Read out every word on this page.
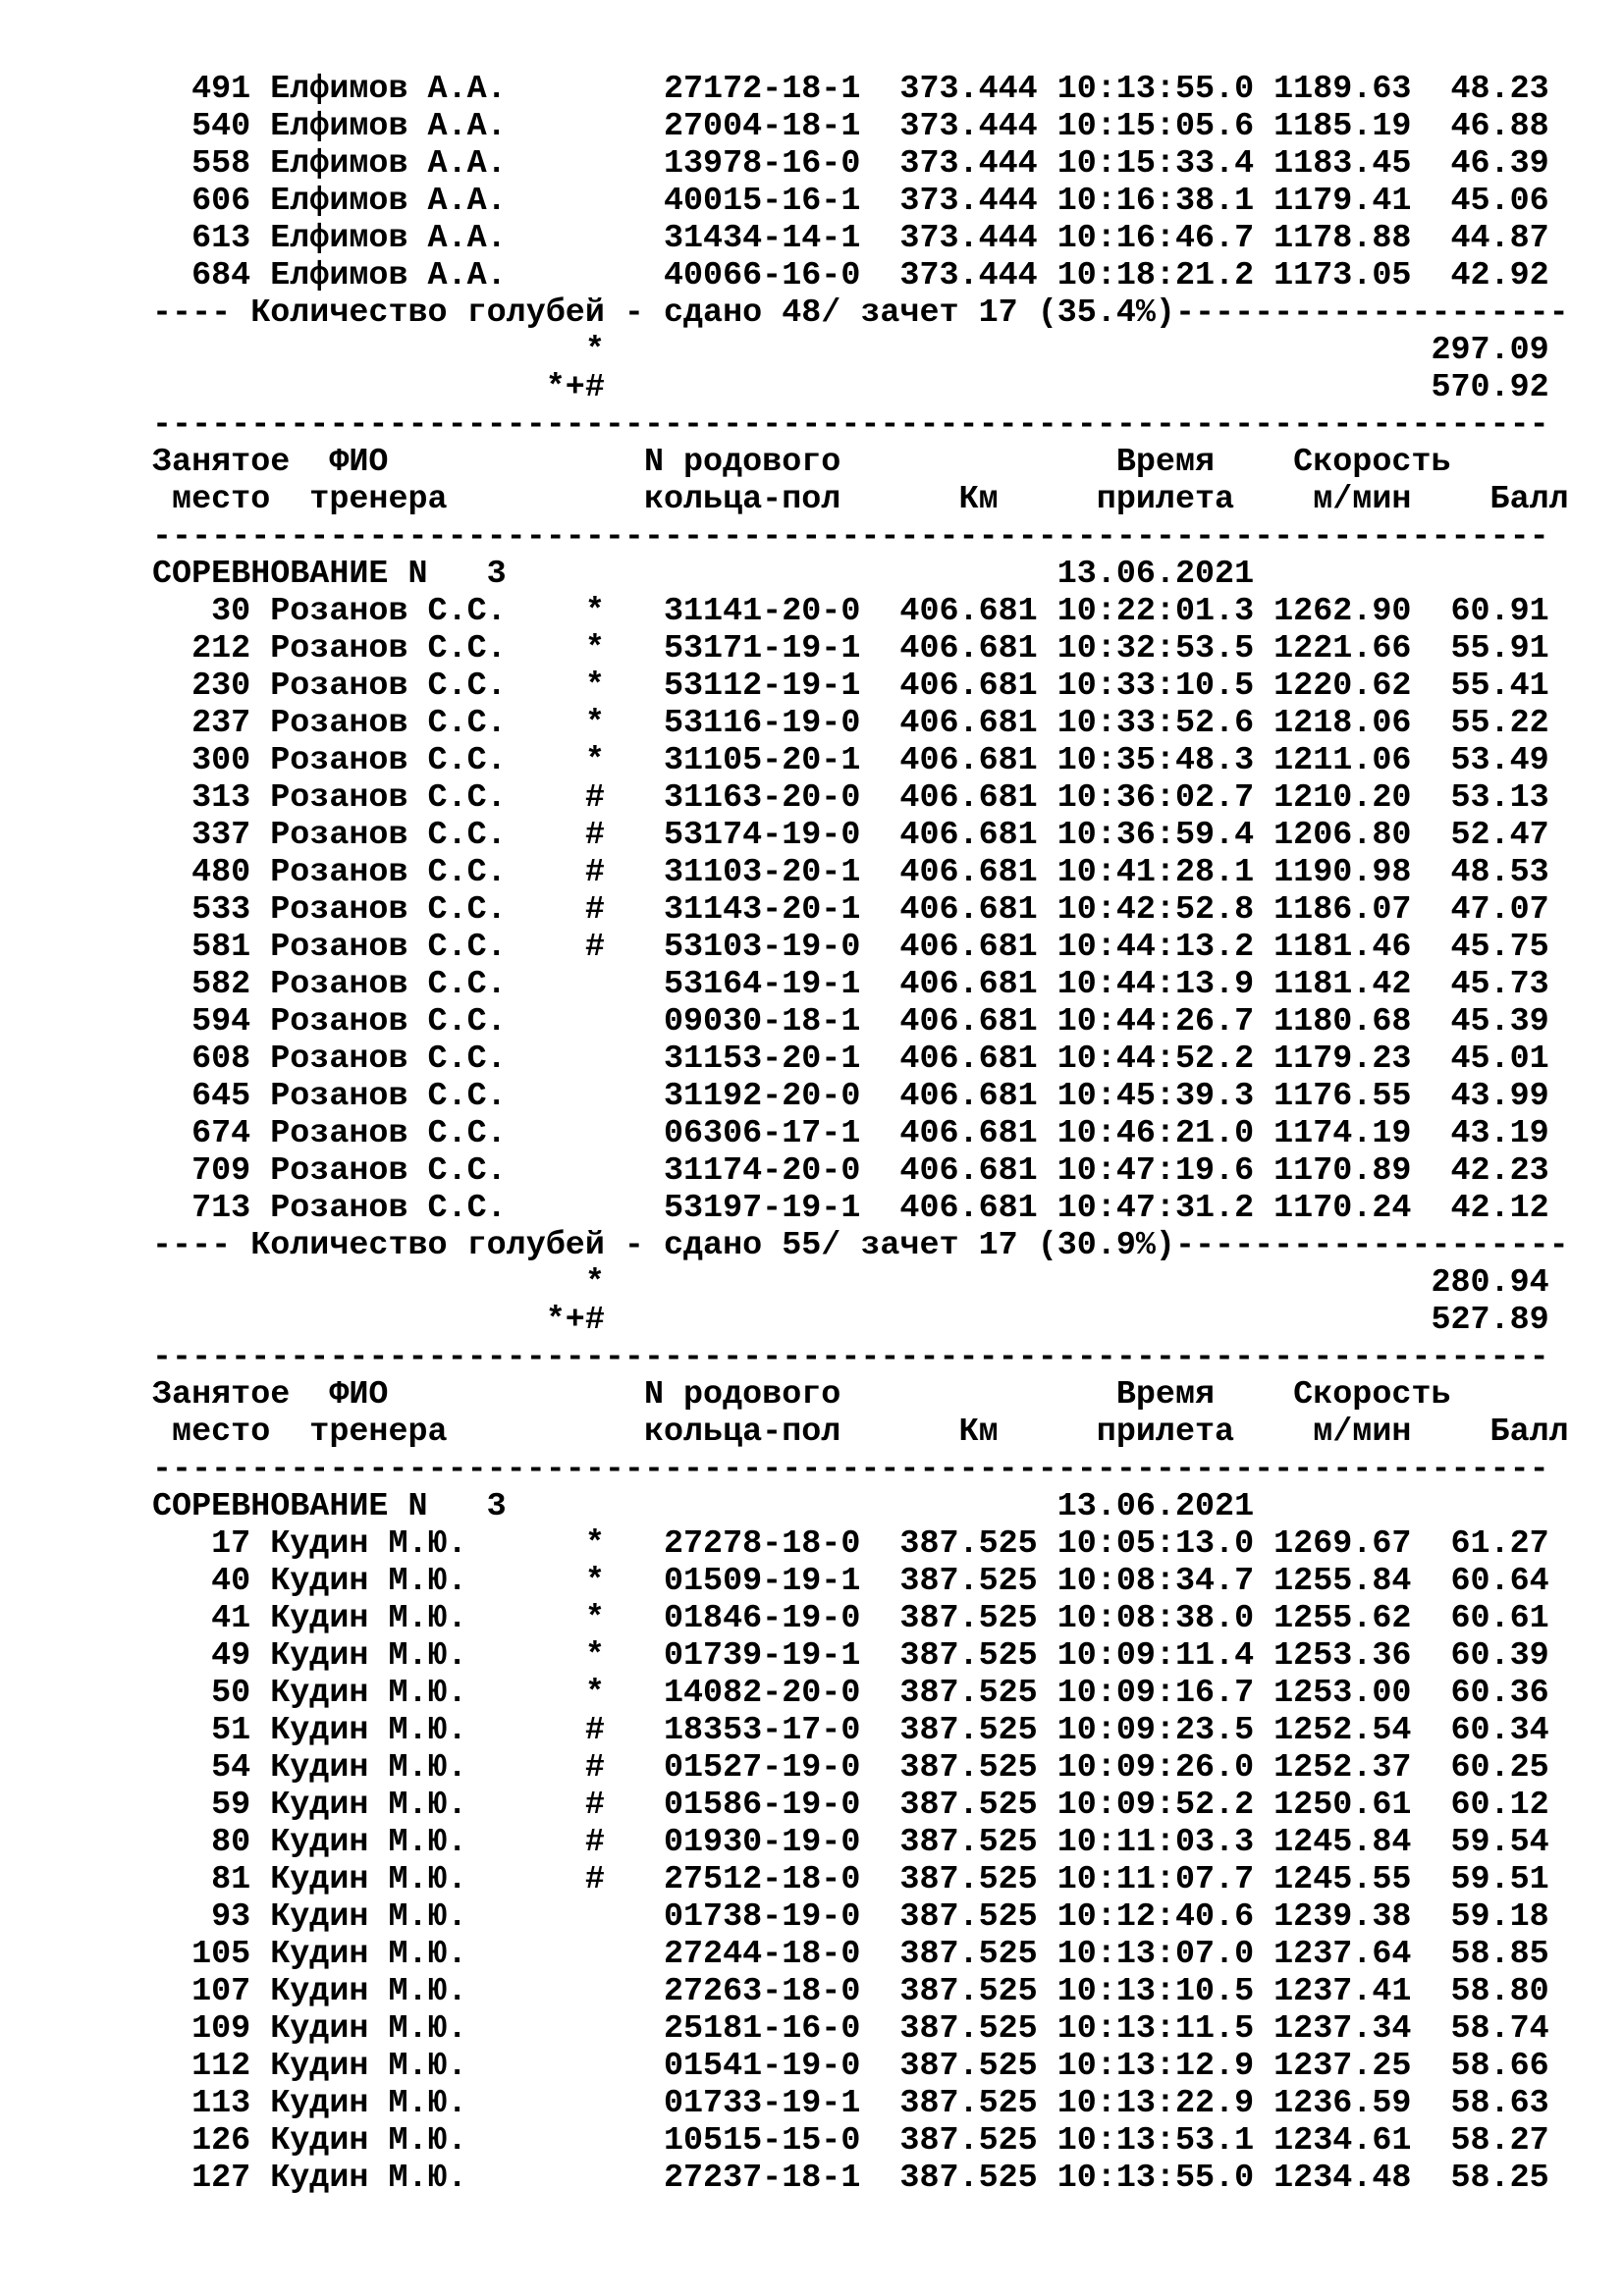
491 Елфимов А.А.        27172-18-1  373.444 10:13:55.0 1189.63  48.23
540 Елфимов А.А.        27004-18-1  373.444 10:15:05.6 1185.19  46.88
558 Елфимов А.А.        13978-16-0  373.444 10:15:33.4 1183.45  46.39
606 Елфимов А.А.        40015-16-1  373.444 10:16:38.1 1179.41  45.06
613 Елфимов А.А.        31434-14-1  373.444 10:16:46.7 1178.88  44.87
684 Елфимов А.А.        40066-16-0  373.444 10:18:21.2 1173.05  42.92
---- Количество голубей - сдано 48/ зачет 17 (35.4%)--------------------
*                                          297.09
*+#                                          570.92
-----------------------------------------------------------------------
Занятое  ФИО             N родового              Время    Скорость
место  тренера          кольца-пол      Км     прилета    м/мин    Балл
-----------------------------------------------------------------------
СОРЕВНОВАНИЕ N   3                            13.06.2021
30 Розанов С.С.    *   31141-20-0  406.681 10:22:01.3 1262.90  60.91
212 Розанов С.С.    *   53171-19-1  406.681 10:32:53.5 1221.66  55.91
230 Розанов С.С.    *   53112-19-1  406.681 10:33:10.5 1220.62  55.41
237 Розанов С.С.    *   53116-19-0  406.681 10:33:52.6 1218.06  55.22
300 Розанов С.С.    *   31105-20-1  406.681 10:35:48.3 1211.06  53.49
313 Розанов С.С.    #   31163-20-0  406.681 10:36:02.7 1210.20  53.13
337 Розанов С.С.    #   53174-19-0  406.681 10:36:59.4 1206.80  52.47
480 Розанов С.С.    #   31103-20-1  406.681 10:41:28.1 1190.98  48.53
533 Розанов С.С.    #   31143-20-1  406.681 10:42:52.8 1186.07  47.07
581 Розанов С.С.    #   53103-19-0  406.681 10:44:13.2 1181.46  45.75
582 Розанов С.С.        53164-19-1  406.681 10:44:13.9 1181.42  45.73
594 Розанов С.С.        09030-18-1  406.681 10:44:26.7 1180.68  45.39
608 Розанов С.С.        31153-20-1  406.681 10:44:52.2 1179.23  45.01
645 Розанов С.С.        31192-20-0  406.681 10:45:39.3 1176.55  43.99
674 Розанов С.С.        06306-17-1  406.681 10:46:21.0 1174.19  43.19
709 Розанов С.С.        31174-20-0  406.681 10:47:19.6 1170.89  42.23
713 Розанов С.С.        53197-19-1  406.681 10:47:31.2 1170.24  42.12
---- Количество голубей - сдано 55/ зачет 17 (30.9%)--------------------
*                                          280.94
*+#                                          527.89
-----------------------------------------------------------------------
Занятое  ФИО             N родового              Время    Скорость
место  тренера          кольца-пол      Км     прилета    м/мин    Балл
-----------------------------------------------------------------------
СОРЕВНОВАНИЕ N   3                            13.06.2021
17 Кудин М.Ю.      *   27278-18-0  387.525 10:05:13.0 1269.67  61.27
40 Кудин М.Ю.      *   01509-19-1  387.525 10:08:34.7 1255.84  60.64
41 Кудин М.Ю.      *   01846-19-0  387.525 10:08:38.0 1255.62  60.61
49 Кудин М.Ю.      *   01739-19-1  387.525 10:09:11.4 1253.36  60.39
50 Кудин М.Ю.      *   14082-20-0  387.525 10:09:16.7 1253.00  60.36
51 Кудин М.Ю.      #   18353-17-0  387.525 10:09:23.5 1252.54  60.34
54 Кудин М.Ю.      #   01527-19-0  387.525 10:09:26.0 1252.37  60.25
59 Кудин М.Ю.      #   01586-19-0  387.525 10:09:52.2 1250.61  60.12
80 Кудин М.Ю.      #   01930-19-0  387.525 10:11:03.3 1245.84  59.54
81 Кудин М.Ю.      #   27512-18-0  387.525 10:11:07.7 1245.55  59.51
93 Кудин М.Ю.          01738-19-0  387.525 10:12:40.6 1239.38  59.18
105 Кудин М.Ю.          27244-18-0  387.525 10:13:07.0 1237.64  58.85
107 Кудин М.Ю.          27263-18-0  387.525 10:13:10.5 1237.41  58.80
109 Кудин М.Ю.          25181-16-0  387.525 10:13:11.5 1237.34  58.74
112 Кудин М.Ю.          01541-19-0  387.525 10:13:12.9 1237.25  58.66
113 Кудин М.Ю.          01733-19-1  387.525 10:13:22.9 1236.59  58.63
126 Кудин М.Ю.          10515-15-0  387.525 10:13:53.1 1234.61  58.27
127 Кудин М.Ю.          27237-18-1  387.525 10:13:55.0 1234.48  58.25
